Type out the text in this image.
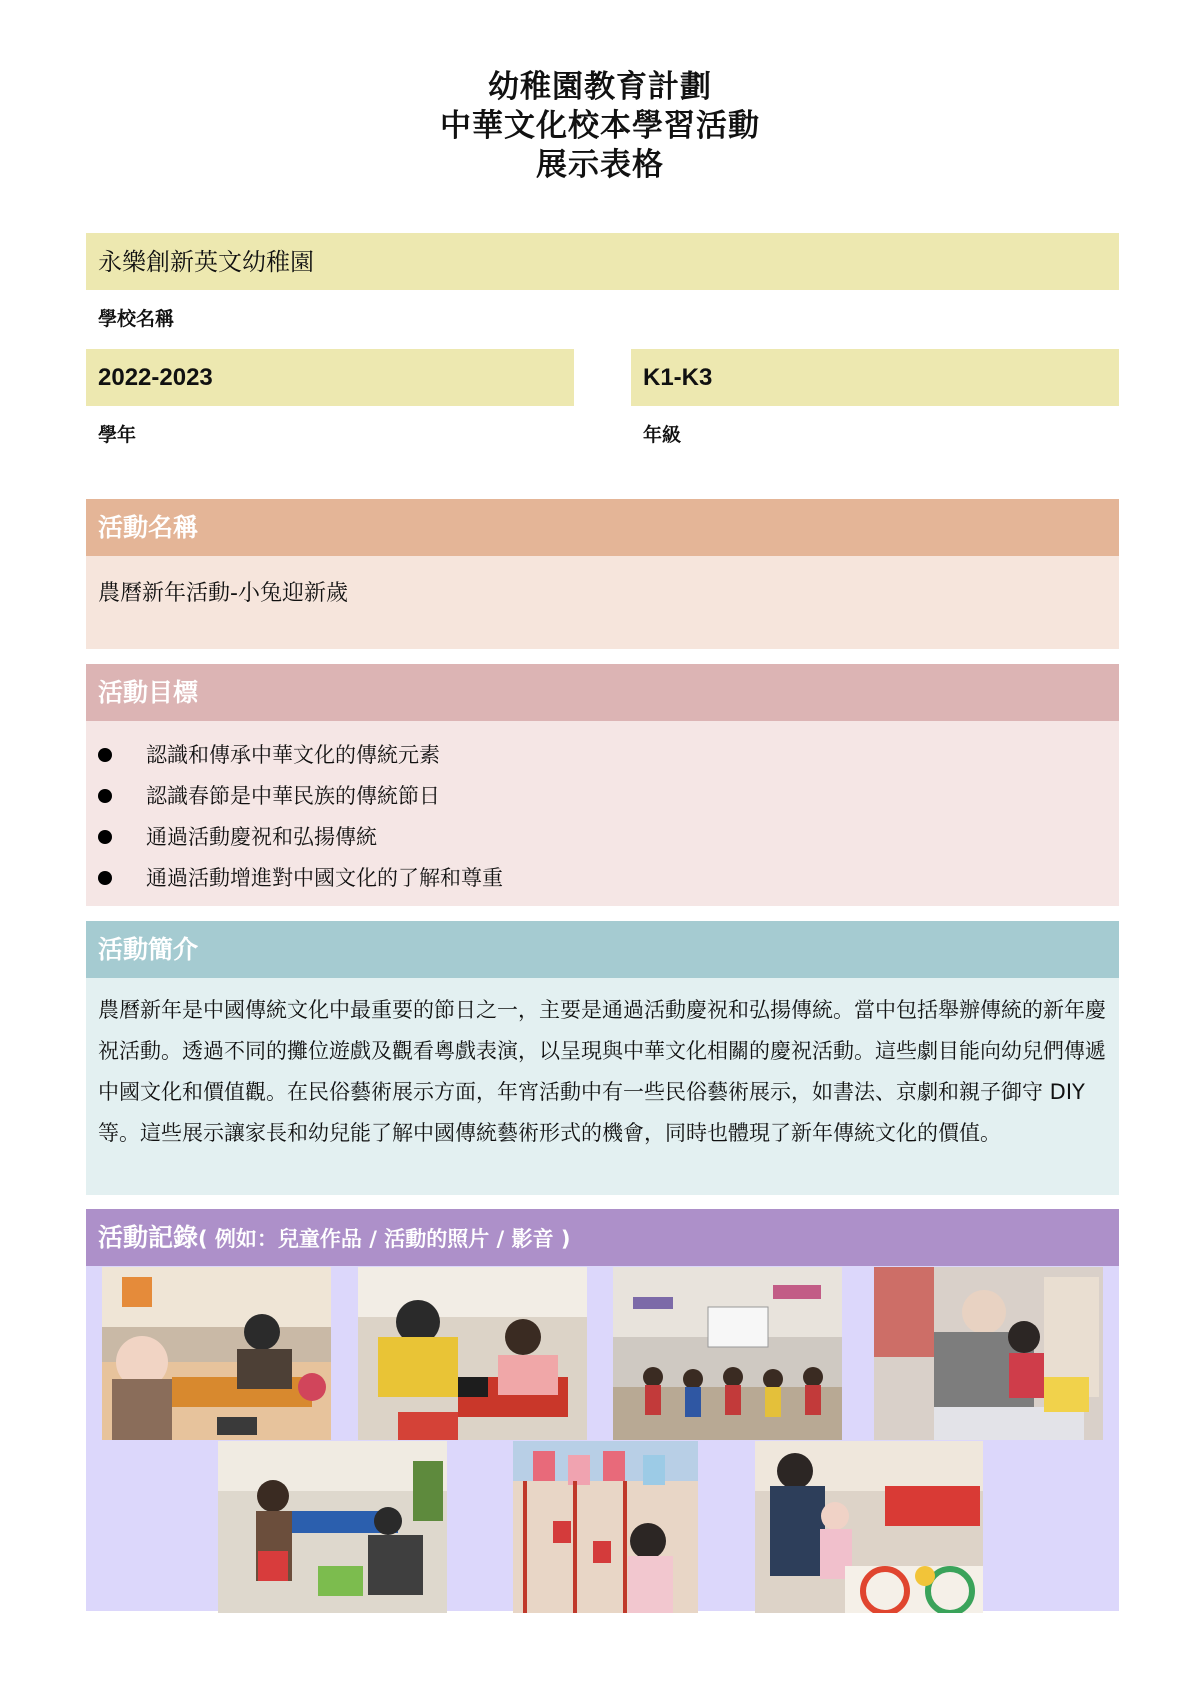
幼稚園教育計劃
中華文化校本學習活動
展示表格
永樂創新英文幼稚園
學校名稱
2022-2023
學年
K1-K3
年級
活動名稱
農曆新年活動-小兔迎新歲
活動目標
認識和傳承中華文化的傳統元素
認識春節是中華民族的傳統節日
通過活動慶祝和弘揚傳統
通過活動增進對中國文化的了解和尊重
活動簡介
農曆新年是中國傳統文化中最重要的節日之一，主要是通過活動慶祝和弘揚傳統。當中包括舉辦傳統的新年慶祝活動。透過不同的攤位遊戲及觀看粵戲表演，以呈現與中華文化相關的慶祝活動。這些劇目能向幼兒們傳遞中國文化和價值觀。在民俗藝術展示方面，年宵活動中有一些民俗藝術展示，如書法、京劇和親子御守 DIY 等。這些展示讓家長和幼兒能了解中國傳統藝術形式的機會，同時也體現了新年傳統文化的價值。
活動記錄( 例如：兒童作品 / 活動的照片 / 影音 )
